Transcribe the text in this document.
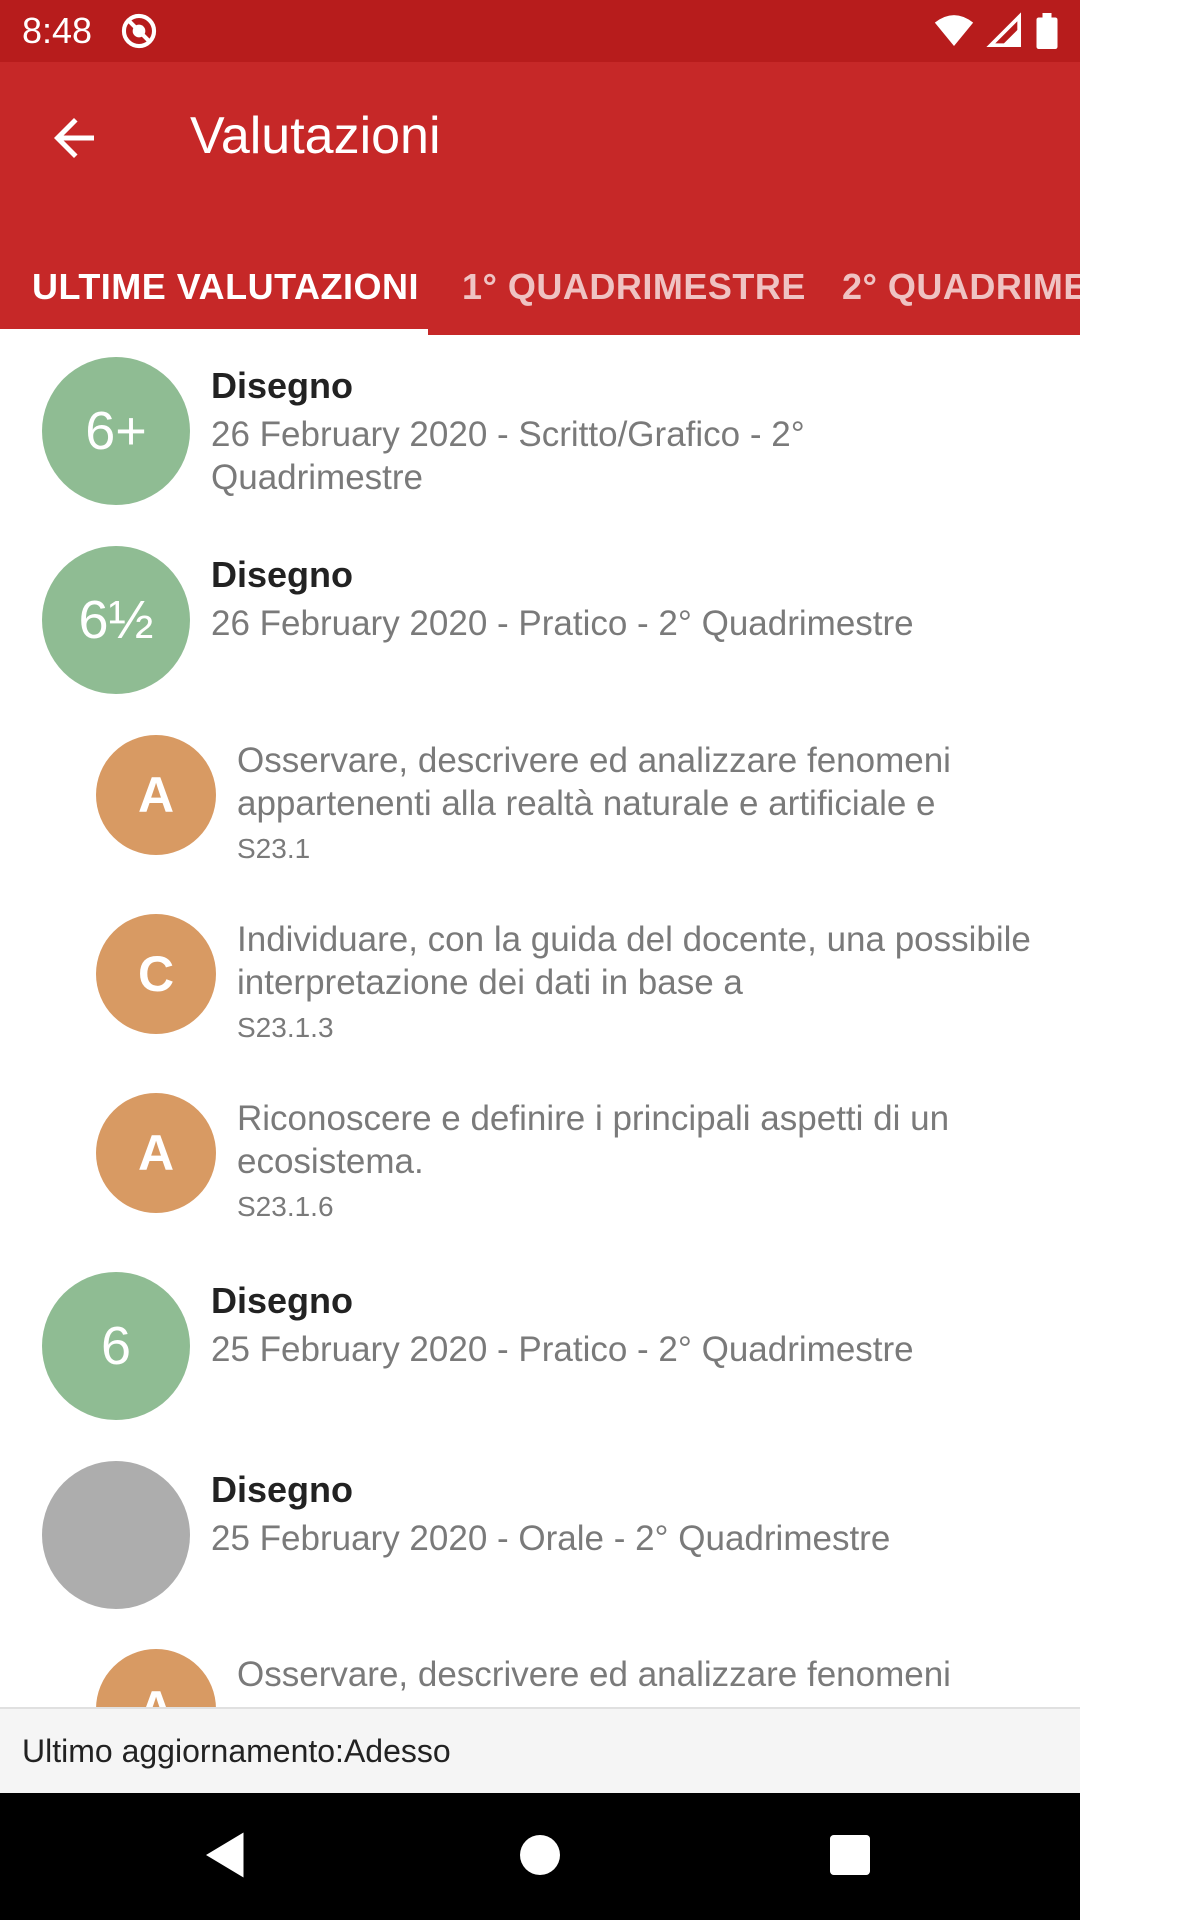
8:48
Valutazioni
ULTIME VALUTAZIONI 1° QUADRIMESTRE 2° QUADRIMESTRE
6+
Disegno
26 February 2020 - Scritto/Grafico - 2° Quadrimestre
6½
Disegno
26 February 2020 - Pratico - 2° Quadrimestre
A
Osservare, descrivere ed analizzare fenomeni appartenenti alla realtà naturale e artificiale e
S23.1
C
Individuare, con la guida del docente, una possibile interpretazione dei dati in base a
S23.1.3
A
Riconoscere e definire i principali aspetti di un ecosistema.
S23.1.6
6
Disegno
25 February 2020 - Pratico - 2° Quadrimestre
Disegno
25 February 2020 - Orale - 2° Quadrimestre
Osservare, descrivere ed analizzare fenomeni
Ultimo aggiornamento:Adesso
